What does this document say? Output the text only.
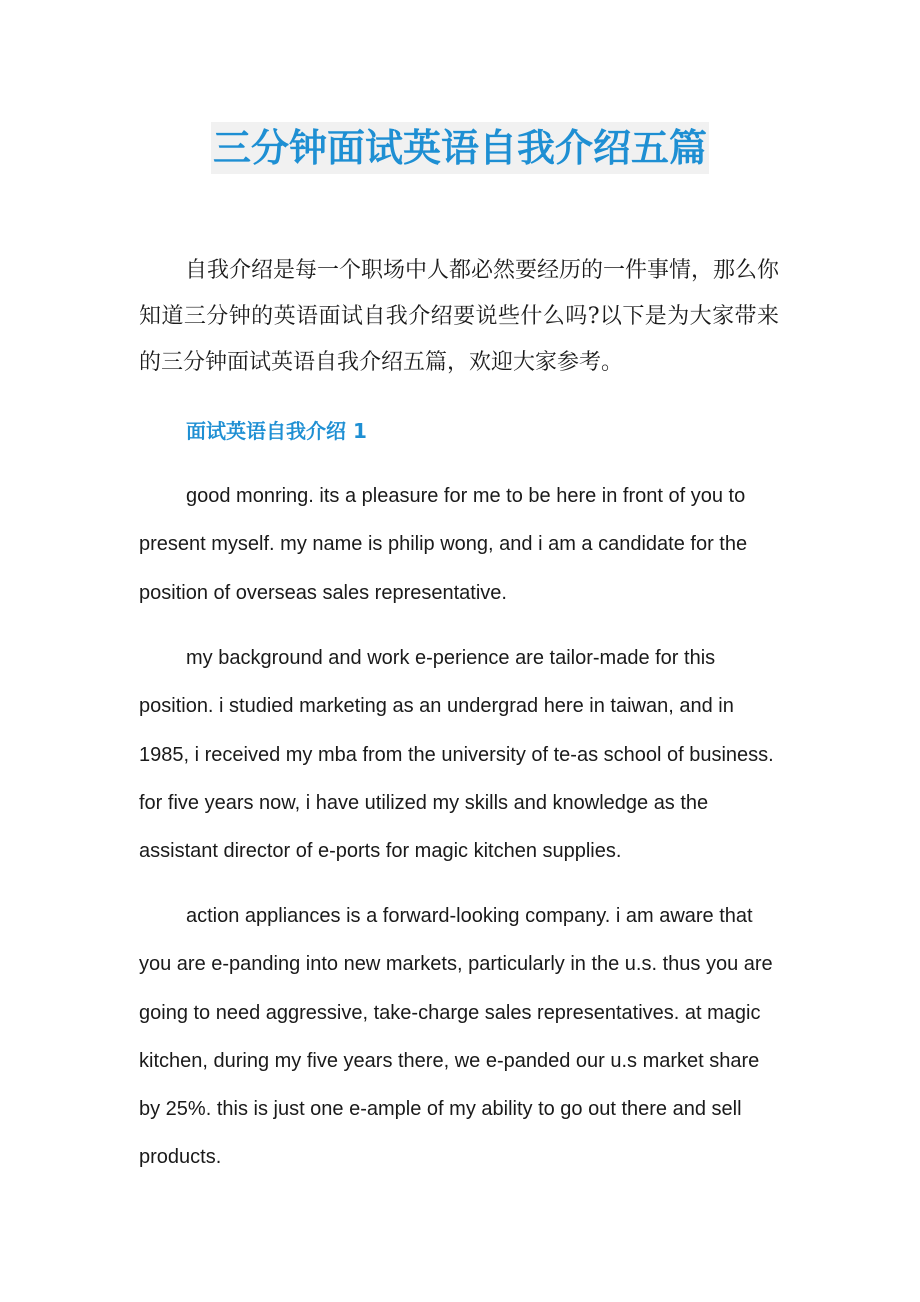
三分钟面试英语自我介绍五篇

自我介绍是每一个职场中人都必然要经历的一件事情，那么你知道三分钟的英语面试自我介绍要说些什么吗?以下是为大家带来的三分钟面试英语自我介绍五篇，欢迎大家参考。

面试英语自我介绍 1

good monring. its a pleasure for me to be here in front of you to present myself. my name is philip wong, and i am a candidate for the position of overseas sales representative.

my background and work e-perience are tailor-made for this position. i studied marketing as an undergrad here in taiwan, and in 1985, i received my mba from the university of te-as school of business. for five years now, i have utilized my skills and knowledge as the assistant director of e-ports for magic kitchen supplies.

action appliances is a forward-looking company. i am aware that you are e-panding into new markets, particularly in the u.s. thus you are going to need aggressive, take-charge sales representatives. at magic kitchen, during my five years there, we e-panded our u.s market share by 25%. this is just one e-ample of my ability to go out there and sell products.
